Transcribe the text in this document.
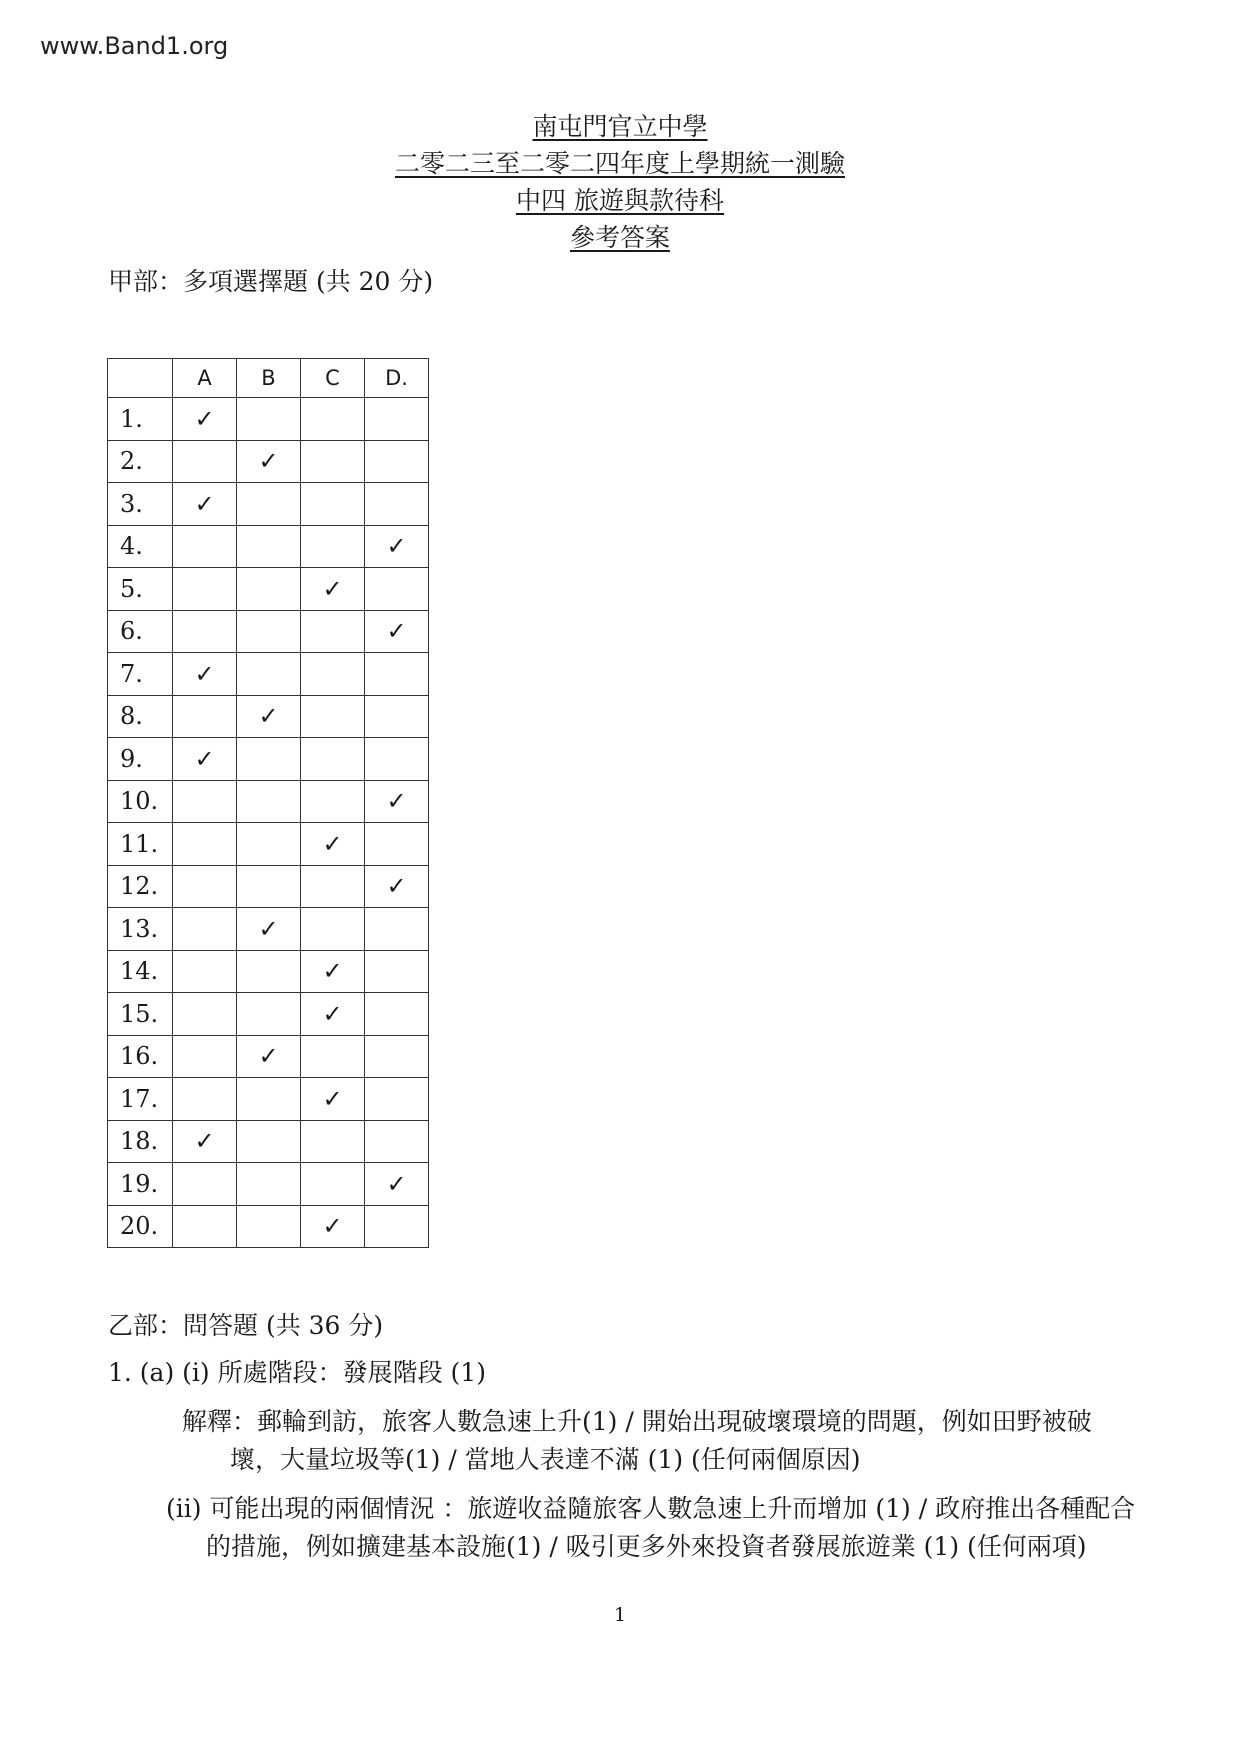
www.Band1.org
南屯門官立中學
二零二三至二零二四年度上學期統一測驗
中四 旅遊與款待科
參考答案
甲部：多項選擇題 (共 20 分)
	A	B	C	D.
1.	✓			
2.		✓		
3.	✓			
4.				✓
5.			✓	
6.				✓
7.	✓			
8.		✓		
9.	✓			
10.				✓
11.			✓	
12.				✓
13.		✓		
14.			✓	
15.			✓	
16.		✓		
17.			✓	
18.	✓			
19.				✓
20.			✓	
乙部：問答題 (共 36 分)
1. (a) (i) 所處階段：發展階段 (1)
解釋：郵輪到訪，旅客人數急速上升(1) / 開始出現破壞環境的問題，例如田野被破
壞，大量垃圾等(1) / 當地人表達不滿 (1) (任何兩個原因)
(ii) 可能出現的兩個情況 ：旅遊收益隨旅客人數急速上升而增加 (1) / 政府推出各種配合
的措施，例如擴建基本設施(1) / 吸引更多外來投資者發展旅遊業 (1) (任何兩項)
1
